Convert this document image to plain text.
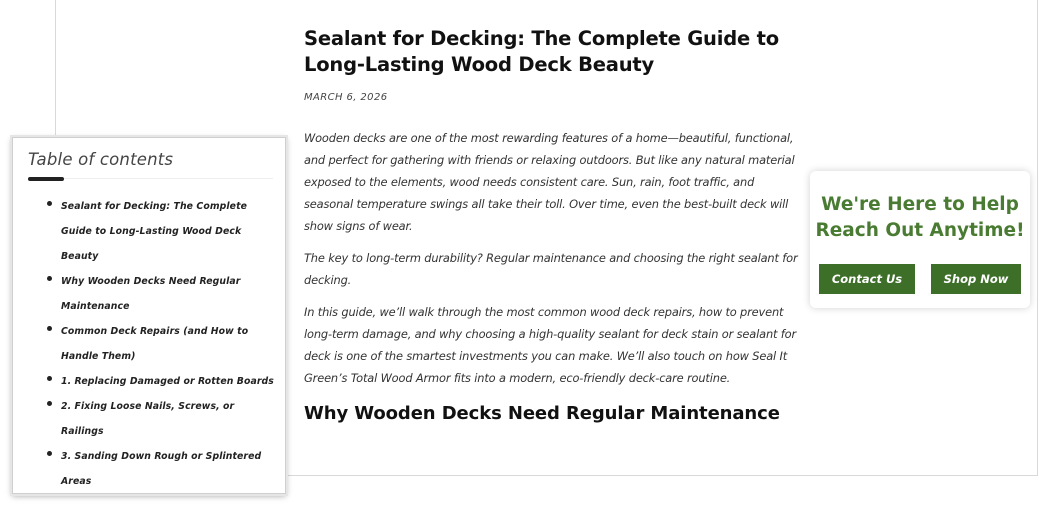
Sealant for Decking: The Complete Guide to
Long-Lasting Wood Deck Beauty
MARCH 6, 2026

Wooden decks are one of the most rewarding features of a home—beautiful, functional, and perfect for gathering with friends or relaxing outdoors. But like any natural material exposed to the elements, wood needs consistent care. Sun, rain, foot traffic, and seasonal temperature swings all take their toll. Over time, even the best-built deck will show signs of wear.

The key to long-term durability? Regular maintenance and choosing the right sealant for decking.

In this guide, we’ll walk through the most common wood deck repairs, how to prevent long-term damage, and why choosing a high-quality sealant for deck stain or sealant for deck is one of the smartest investments you can make. We’ll also touch on how Seal It Green’s Total Wood Armor fits into a modern, eco-friendly deck-care routine.

Why Wooden Decks Need Regular Maintenance
Table of contents
Sealant for Decking: The Complete
Guide to Long-Lasting Wood Deck
Beauty
Why Wooden Decks Need Regular
Maintenance
Common Deck Repairs (and How to
Handle Them)
1. Replacing Damaged or Rotten Boards
2. Fixing Loose Nails, Screws, or
Railings
3. Sanding Down Rough or Splintered
Areas
We're Here to Help
Reach Out Anytime!
Contact Us	Shop Now
